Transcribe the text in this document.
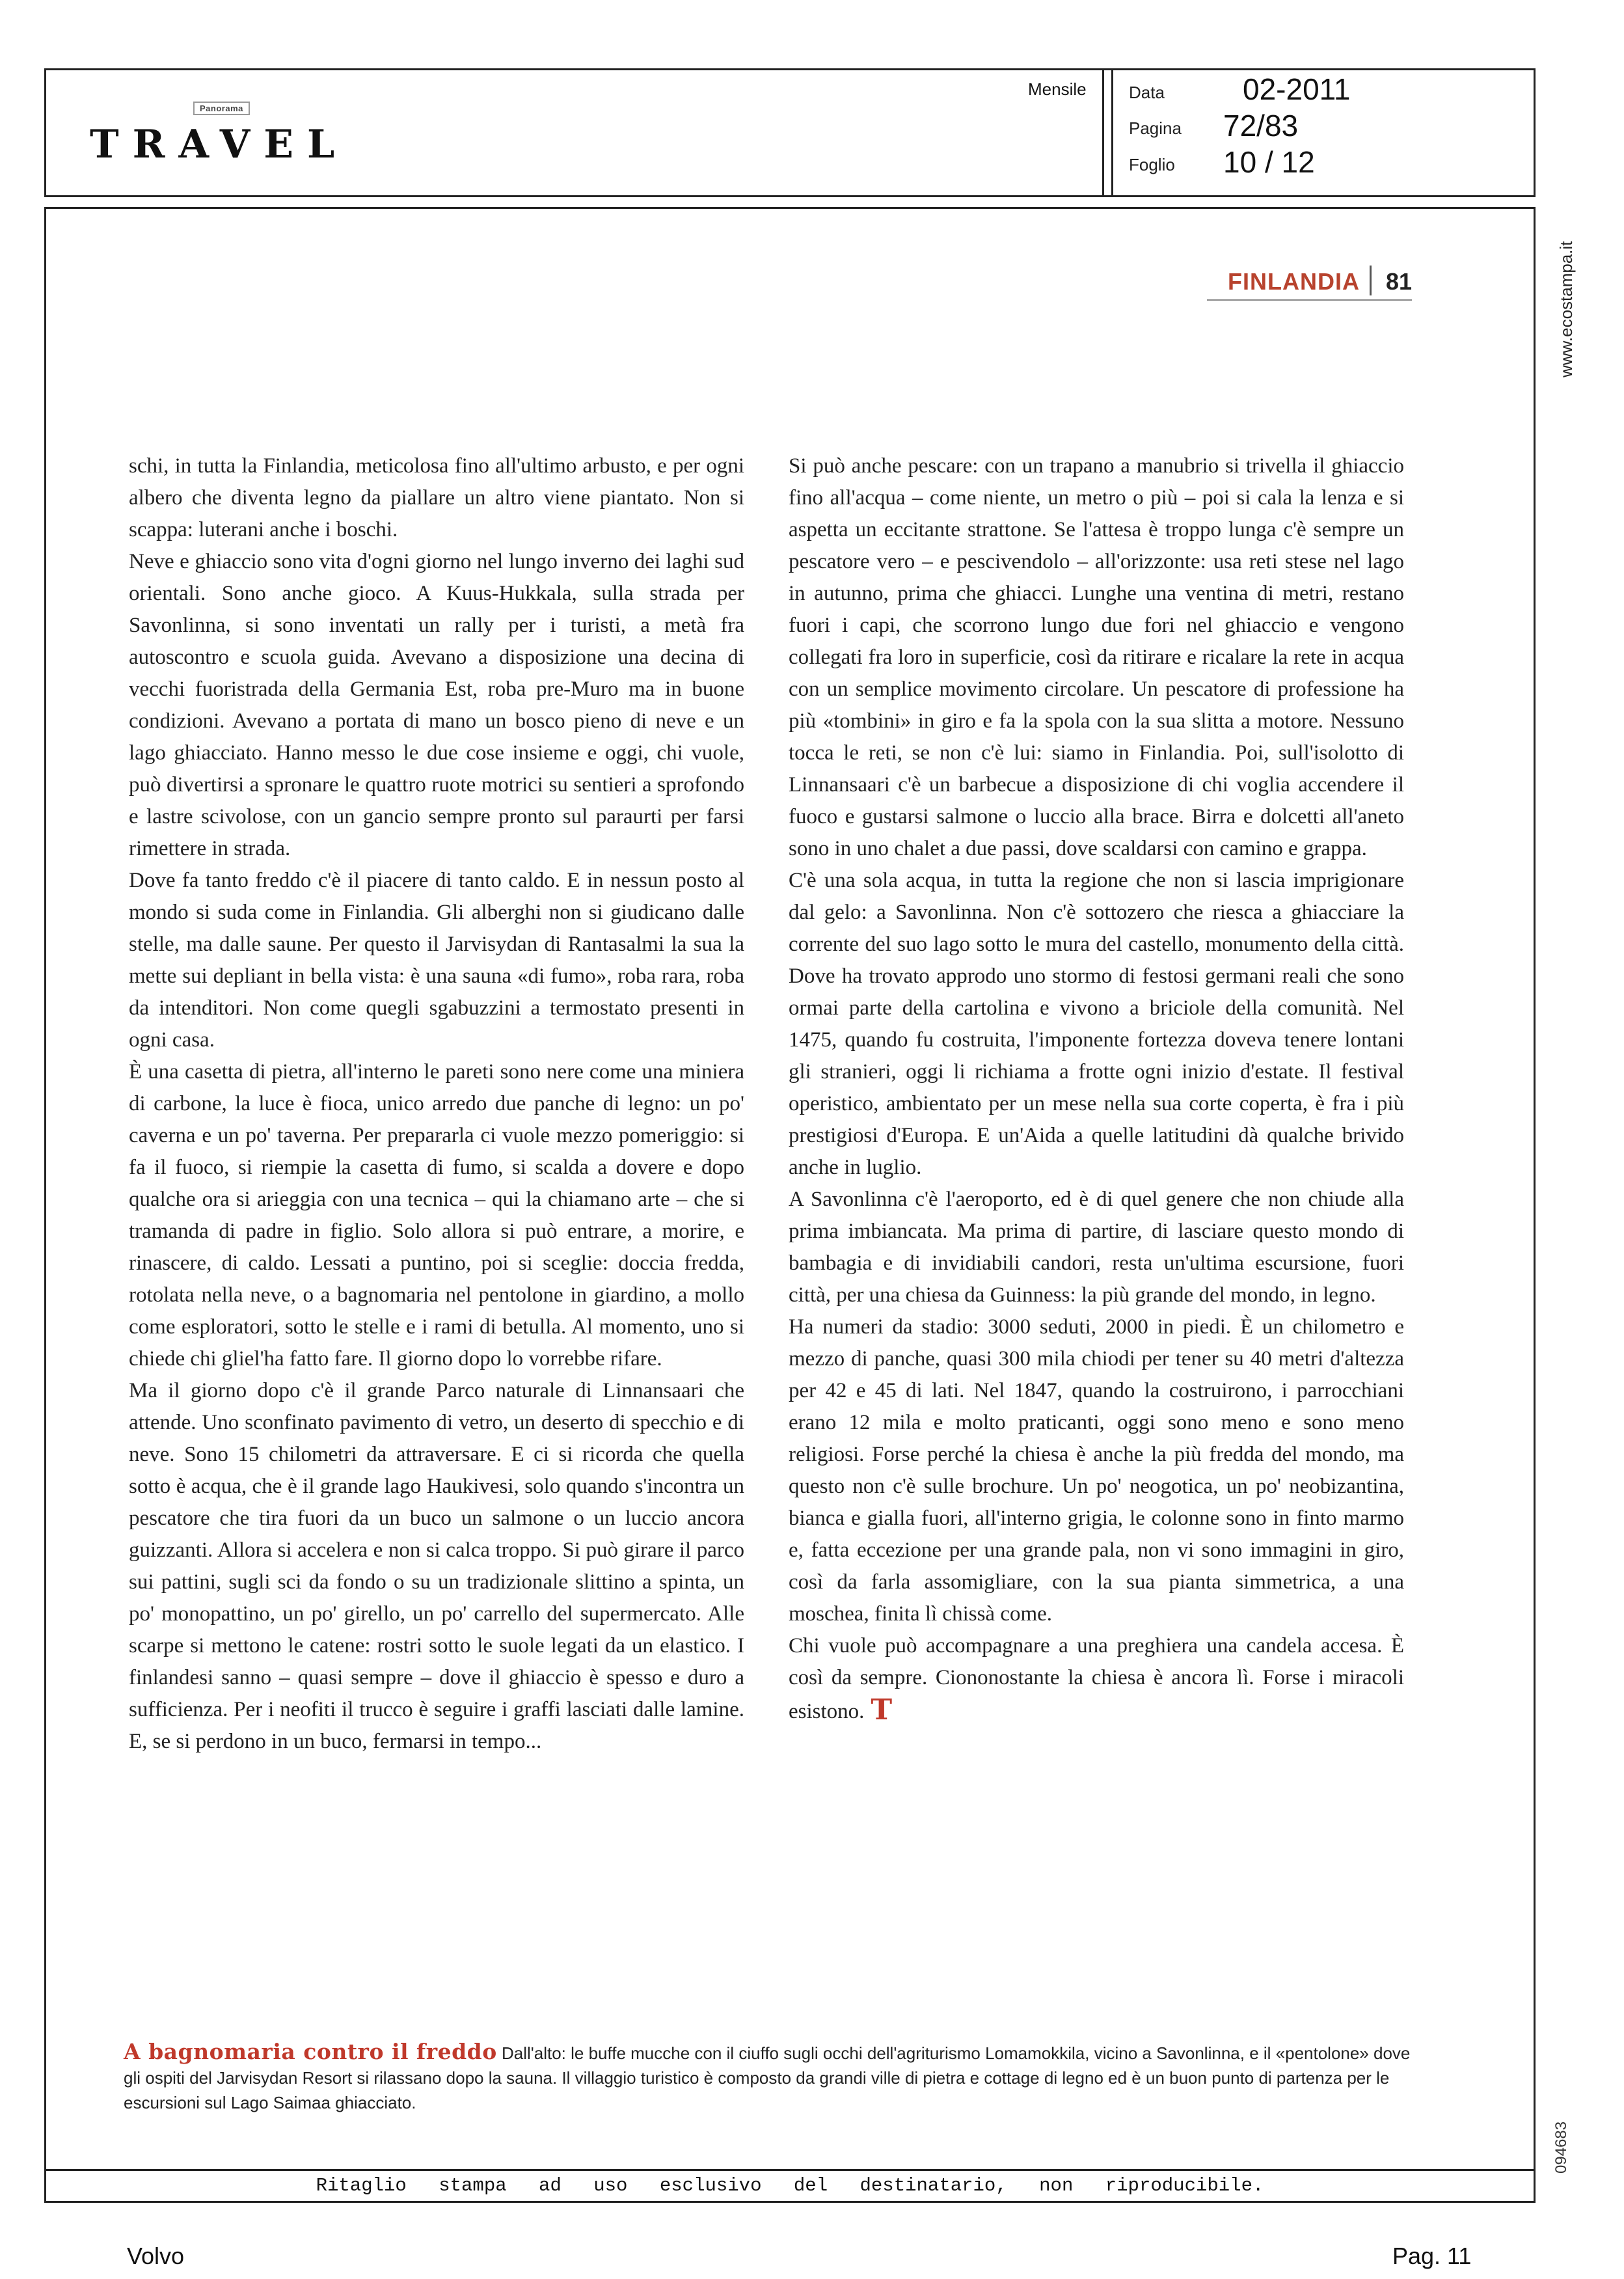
Panorama
TRAVEL
Mensile	Data	02-2011
Pagina 72/83
Foglio 10 / 12
www.ecostampa.it
FINLANDIA 81

schi, in tutta la Finlandia, meticolosa fino all'ultimo arbusto, e per ogni albero che diventa legno da piallare un altro viene piantato. Non si scappa: luterani anche i boschi.
Neve e ghiaccio sono vita d'ogni giorno nel lungo inverno dei laghi sud orientali. Sono anche gioco. A Kuus-Hukkala, sulla strada per Savonlinna, si sono inventati un rally per i turisti, a metà fra autoscontro e scuola guida. Avevano a disposizione una decina di vecchi fuoristrada della Germania Est, roba pre-Muro ma in buone condizioni. Avevano a portata di mano un bosco pieno di neve e un lago ghiacciato. Hanno messo le due cose insieme e oggi, chi vuole, può divertirsi a spronare le quattro ruote motrici su sentieri a sprofondo e lastre scivolose, con un gancio sempre pronto sul paraurti per farsi rimettere in strada.
Dove fa tanto freddo c'è il piacere di tanto caldo. E in nessun posto al mondo si suda come in Finlandia. Gli alberghi non si giudicano dalle stelle, ma dalle saune. Per questo il Jarvisydan di Rantasalmi la sua la mette sui depliant in bella vista: è una sauna «di fumo», roba rara, roba da intenditori. Non come quegli sgabuzzini a termostato presenti in ogni casa.
È una casetta di pietra, all'interno le pareti sono nere come una miniera di carbone, la luce è fioca, unico arredo due panche di legno: un po' caverna e un po' taverna. Per prepararla ci vuole mezzo pomeriggio: si fa il fuoco, si riempie la casetta di fumo, si scalda a dovere e dopo qualche ora si arieggia con una tecnica – qui la chiamano arte – che si tramanda di padre in figlio. Solo allora si può entrare, a morire, e rinascere, di caldo. Lessati a puntino, poi si sceglie: doccia fredda, rotolata nella neve, o a bagnomaria nel pentolone in giardino, a mollo come esploratori, sotto le stelle e i rami di betulla. Al momento, uno si chiede chi gliel'ha fatto fare. Il giorno dopo lo vorrebbe rifare.
Ma il giorno dopo c'è il grande Parco naturale di Linnansaari che attende. Uno sconfinato pavimento di vetro, un deserto di specchio e di neve. Sono 15 chilometri da attraversare. E ci si ricorda che quella sotto è acqua, che è il grande lago Haukivesi, solo quando s'incontra un pescatore che tira fuori da un buco un salmone o un luccio ancora guizzanti. Allora si accelera e non si calca troppo. Si può girare il parco sui pattini, sugli sci da fondo o su un tradizionale slittino a spinta, un po' monopattino, un po' girello, un po' carrello del supermercato. Alle scarpe si mettono le catene: rostri sotto le suole legati da un elastico. I finlandesi sanno – quasi sempre – dove il ghiaccio è spesso e duro a sufficienza. Per i neofiti il trucco è seguire i graffi lasciati dalle lamine. E, se si perdono in un buco, fermarsi in tempo...

Si può anche pescare: con un trapano a manubrio si trivella il ghiaccio fino all'acqua – come niente, un metro o più – poi si cala la lenza e si aspetta un eccitante strattone. Se l'attesa è troppo lunga c'è sempre un pescatore vero – e pescivendolo – all'orizzonte: usa reti stese nel lago in autunno, prima che ghiacci. Lunghe una ventina di metri, restano fuori i capi, che scorrono lungo due fori nel ghiaccio e vengono collegati fra loro in superficie, così da ritirare e ricalare la rete in acqua con un semplice movimento circolare. Un pescatore di professione ha più «tombini» in giro e fa la spola con la sua slitta a motore. Nessuno tocca le reti, se non c'è lui: siamo in Finlandia. Poi, sull'isolotto di Linnansaari c'è un barbecue a disposizione di chi voglia accendere il fuoco e gustarsi salmone o luccio alla brace. Birra e dolcetti all'aneto sono in uno chalet a due passi, dove scaldarsi con camino e grappa.
C'è una sola acqua, in tutta la regione che non si lascia imprigionare dal gelo: a Savonlinna. Non c'è sottozero che riesca a ghiacciare la corrente del suo lago sotto le mura del castello, monumento della città. Dove ha trovato approdo uno stormo di festosi germani reali che sono ormai parte della cartolina e vivono a briciole della comunità. Nel 1475, quando fu costruita, l'imponente fortezza doveva tenere lontani gli stranieri, oggi li richiama a frotte ogni inizio d'estate. Il festival operistico, ambientato per un mese nella sua corte coperta, è fra i più prestigiosi d'Europa. E un'Aida a quelle latitudini dà qualche brivido anche in luglio.
A Savonlinna c'è l'aeroporto, ed è di quel genere che non chiude alla prima imbiancata. Ma prima di partire, di lasciare questo mondo di bambagia e di invidiabili candori, resta un'ultima escursione, fuori città, per una chiesa da Guinness: la più grande del mondo, in legno.
Ha numeri da stadio: 3000 seduti, 2000 in piedi. È un chilometro e mezzo di panche, quasi 300 mila chiodi per tener su 40 metri d'altezza per 42 e 45 di lati. Nel 1847, quando la costruirono, i parrocchiani erano 12 mila e molto praticanti, oggi sono meno e sono meno religiosi. Forse perché la chiesa è anche la più fredda del mondo, ma questo non c'è sulle brochure. Un po' neogotica, un po' neobizantina, bianca e gialla fuori, all'interno grigia, le colonne sono in finto marmo e, fatta eccezione per una grande pala, non vi sono immagini in giro, così da farla assomigliare, con la sua pianta simmetrica, a una moschea, finita lì chissà come.
Chi vuole può accompagnare a una preghiera una candela accesa. È così da sempre. Ciononostante la chiesa è ancora lì. Forse i miracoli esistono. T

A bagnomaria contro il freddo Dall'alto: le buffe mucche con il ciuffo sugli occhi dell'agriturismo Lomamokkila, vicino a Savonlinna, e il «pentolone» dove gli ospiti del Jarvisydan Resort si rilassano dopo la sauna. Il villaggio turistico è composto da grandi ville di pietra e cottage di legno ed è un buon punto di partenza per le escursioni sul Lago Saimaa ghiacciato.
094683
Ritaglio stampa ad uso esclusivo del destinatario, non riproducibile.
Volvo	Pag. 11
